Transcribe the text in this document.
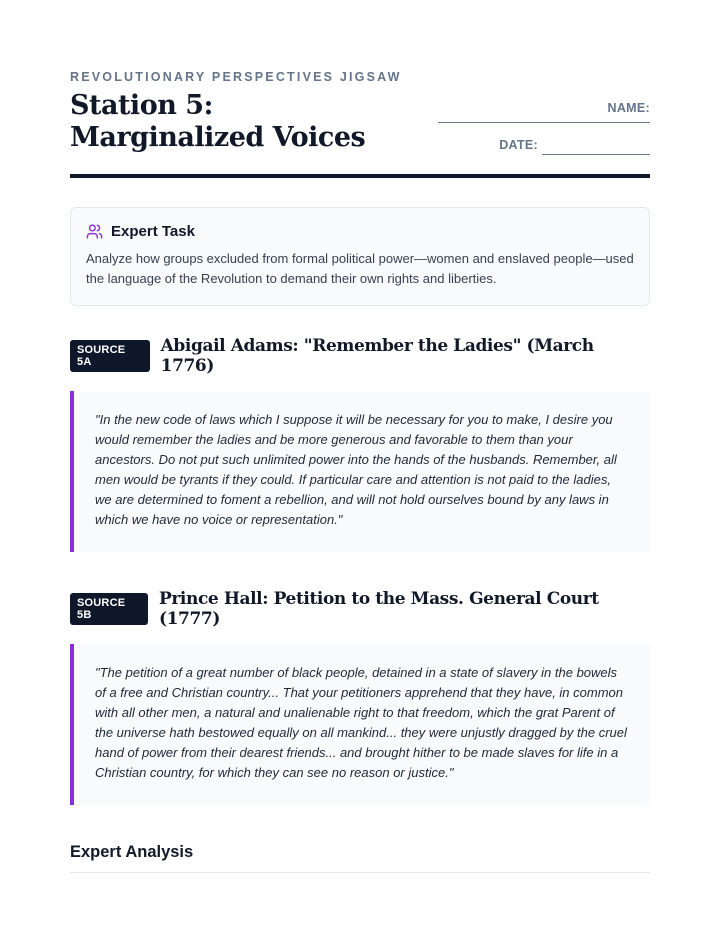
REVOLUTIONARY PERSPECTIVES JIGSAW
Station 5: Marginalized Voices
NAME:
DATE:
Expert Task
Analyze how groups excluded from formal political power—women and enslaved people—used the language of the Revolution to demand their own rights and liberties.
SOURCE 5A
Abigail Adams: "Remember the Ladies" (March 1776)
"In the new code of laws which I suppose it will be necessary for you to make, I desire you would remember the ladies and be more generous and favorable to them than your ancestors. Do not put such unlimited power into the hands of the husbands. Remember, all men would be tyrants if they could. If particular care and attention is not paid to the ladies, we are determined to foment a rebellion, and will not hold ourselves bound by any laws in which we have no voice or representation."
SOURCE 5B
Prince Hall: Petition to the Mass. General Court (1777)
"The petition of a great number of black people, detained in a state of slavery in the bowels of a free and Christian country... That your petitioners apprehend that they have, in common with all other men, a natural and unalienable right to that freedom, which the grat Parent of the universe hath bestowed equally on all mankind... they were unjustly dragged by the cruel hand of power from their dearest friends... and brought hither to be made slaves for life in a Christian country, for which they can see no reason or justice."
Expert Analysis
